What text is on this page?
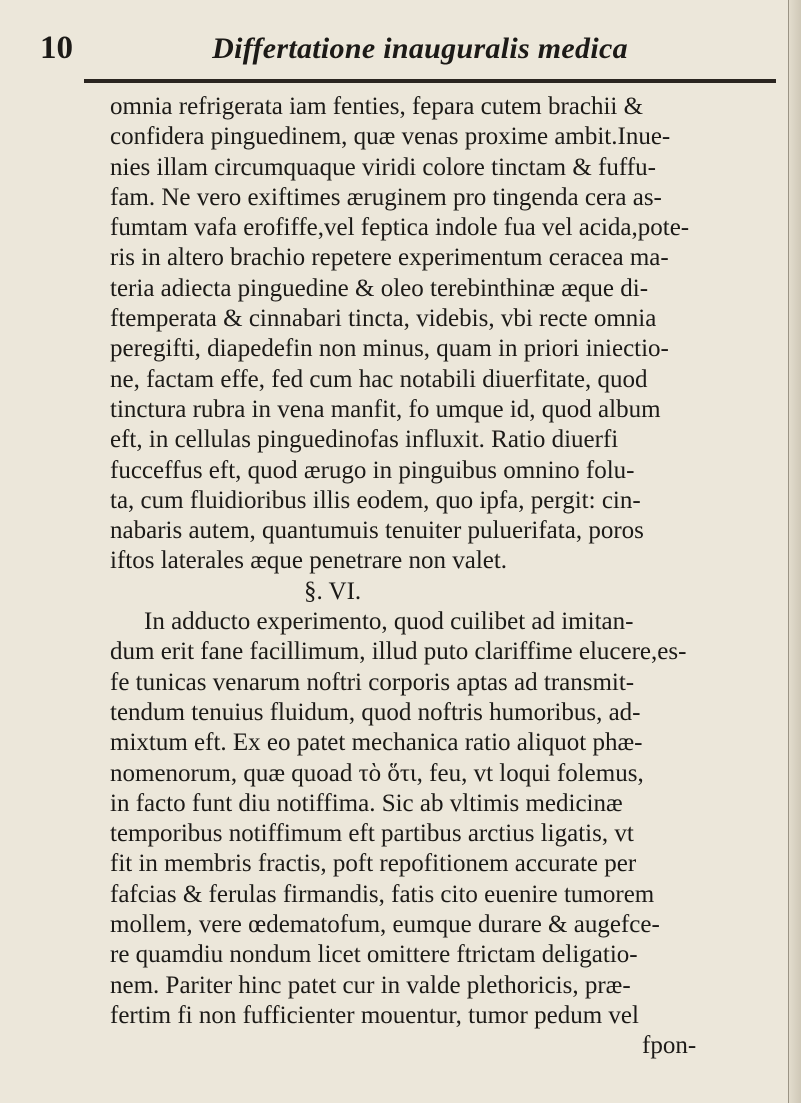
10	Differtatione inauguralis medica
omnia refrigerata iam fenties, fepara cutem brachii &
confidera pinguedinem, quæ venas proxime ambit.Inue-
nies illam circumquaque viridi colore tinctam & fuffu-
fam. Ne vero exiftimes æruginem pro tingenda cera as-
fumtam vafa erofiffe,vel feptica indole fua vel acida,pote-
ris in altero brachio repetere experimentum ceracea ma-
teria adiecta pinguedine & oleo terebinthinæ æque di-
ftemperata & cinnabari tincta, videbis, vbi recte omnia
peregifti, diapedefin non minus, quam in priori iniectio-
ne, factam effe, fed cum hac notabili diuerfitate, quod
tinctura rubra in vena manfit, fo umque id, quod album
eft, in cellulas pinguedinofas influxit. Ratio diuerfi
fucceffus eft, quod ærugo in pinguibus omnino folu-
ta, cum fluidioribus illis eodem, quo ipfa, pergit: cin-
nabaris autem, quantumuis tenuiter puluerifata, poros
iftos laterales æque penetrare non valet.
§. VI.
In adducto experimento, quod cuilibet ad imitan-
dum erit fane facillimum, illud puto clariffime elucere,es-
fe tunicas venarum noftri corporis aptas ad transmit-
tendum tenuius fluidum, quod noftris humoribus, ad-
mixtum eft. Ex eo patet mechanica ratio aliquot phæ-
nomenorum, quæ quoad τὸ ὅτι, feu, vt loqui folemus,
in facto funt diu notiffima. Sic ab vltimis medicinæ
temporibus notiffimum eft partibus arctius ligatis, vt
fit in membris fractis, poft repofitionem accurate per
fafcias & ferulas firmandis, fatis cito euenire tumorem
mollem, vere œdematofum, eumque durare & augefce-
re quamdiu nondum licet omittere ftrictam deligatio-
nem. Pariter hinc patet cur in valde plethoricis, præ-
fertim fi non fufficienter mouentur, tumor pedum vel
fpon-
